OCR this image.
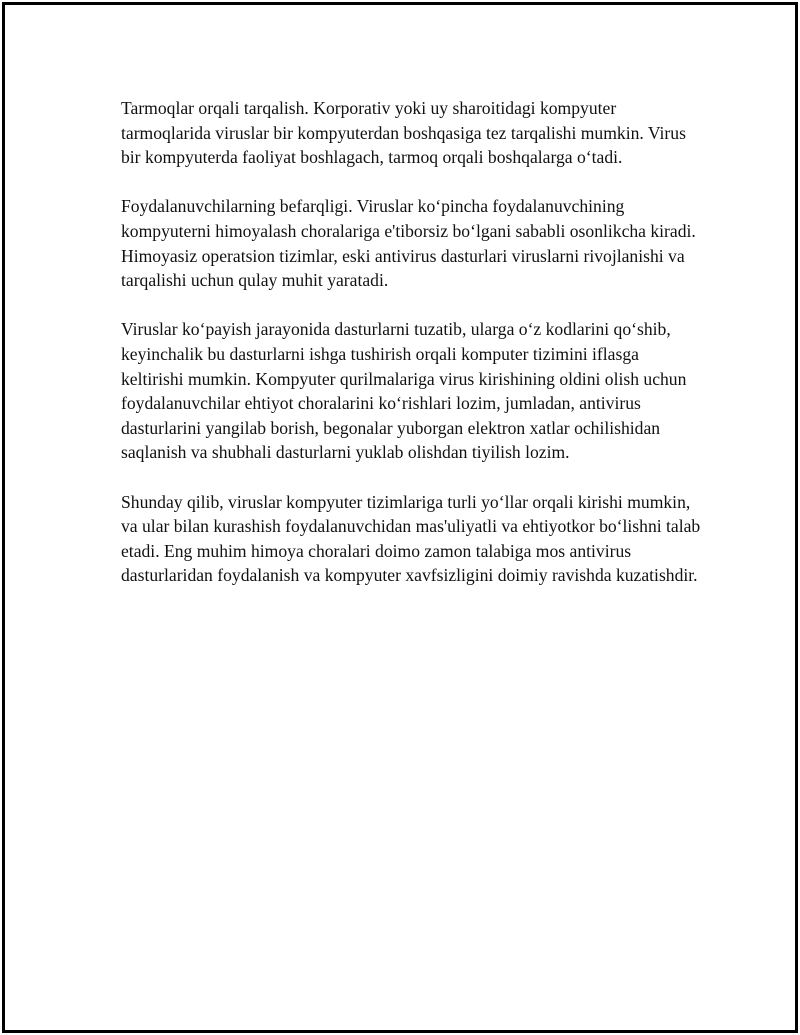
Tarmoqlar orqali tarqalish. Korporativ yoki uy sharoitidagi kompyuter tarmoqlarida viruslar bir kompyuterdan boshqasiga tez tarqalishi mumkin. Virus bir kompyuterda faoliyat boshlagach, tarmoq orqali boshqalarga o‘tadi.

Foydalanuvchilarning befarqligi. Viruslar ko‘pincha foydalanuvchining kompyuterni himoyalash choralariga e'tiborsiz bo‘lgani sababli osonlikcha kiradi. Himoyasiz operatsion tizimlar, eski antivirus dasturlari viruslarni rivojlanishi va tarqalishi uchun qulay muhit yaratadi.

Viruslar ko‘payish jarayonida dasturlarni tuzatib, ularga o‘z kodlarini qo‘shib, keyinchalik bu dasturlarni ishga tushirish orqali komputer tizimini iflasga keltirishi mumkin. Kompyuter qurilmalariga virus kirishining oldini olish uchun foydalanuvchilar ehtiyot choralarini ko‘rishlari lozim, jumladan, antivirus dasturlarini yangilab borish, begonalar yuborgan elektron xatlar ochilishidan saqlanish va shubhali dasturlarni yuklab olishdan tiyilish lozim.

Shunday qilib, viruslar kompyuter tizimlariga turli yo‘llar orqali kirishi mumkin, va ular bilan kurashish foydalanuvchidan mas'uliyatli va ehtiyotkor bo‘lishni talab etadi. Eng muhim himoya choralari doimo zamon talabiga mos antivirus dasturlaridan foydalanish va kompyuter xavfsizligini doimiy ravishda kuzatishdir.
